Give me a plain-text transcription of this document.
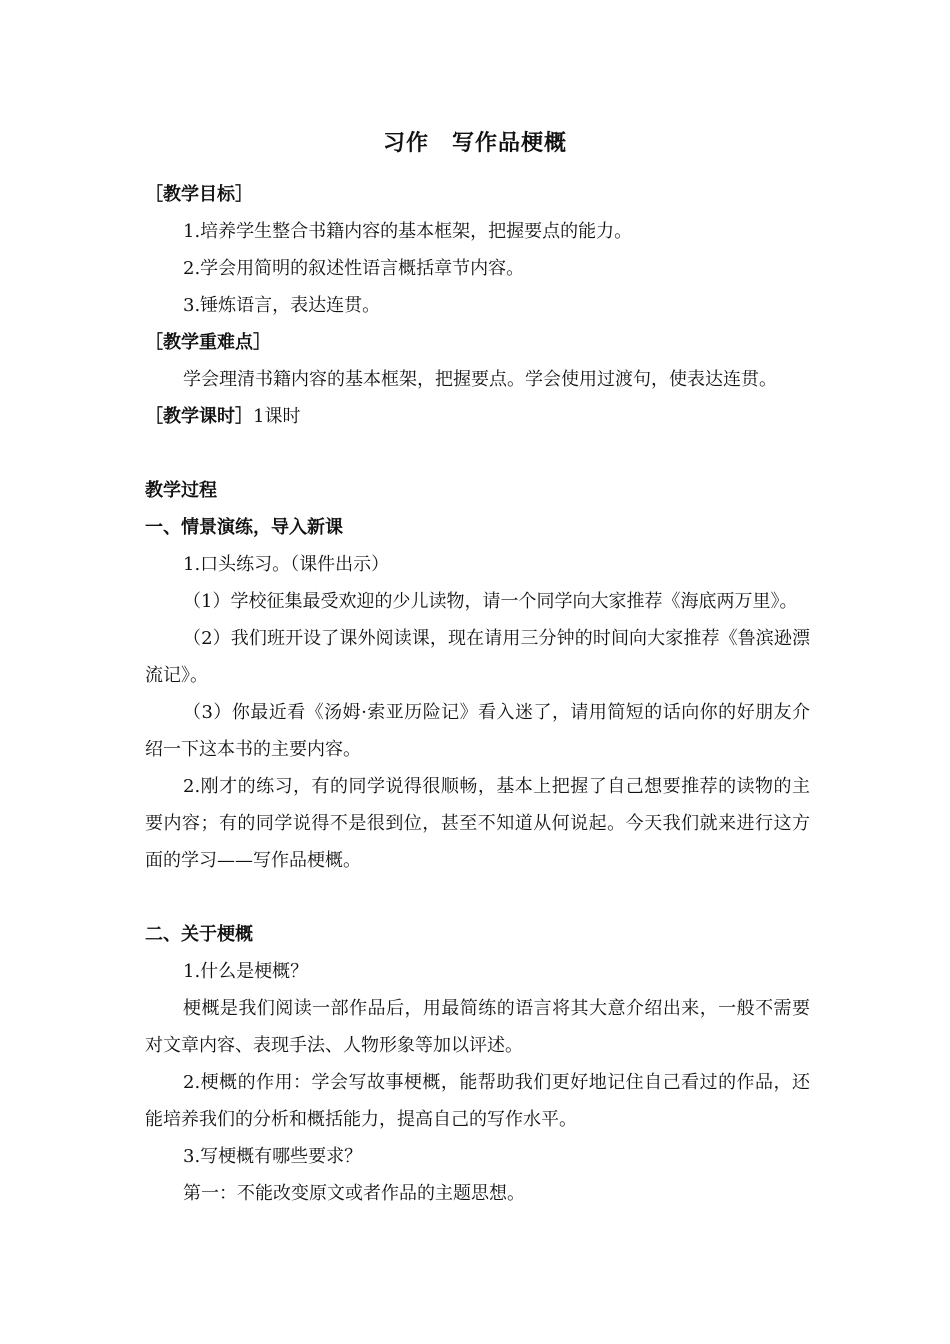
习作　写作品梗概
［教学目标］
1.培养学生整合书籍内容的基本框架，把握要点的能力。
2.学会用简明的叙述性语言概括章节内容。
3.锤炼语言，表达连贯。
［教学重难点］
学会理清书籍内容的基本框架，把握要点。学会使用过渡句，使表达连贯。
［教学课时］1课时
教学过程
一、情景演练，导入新课
1.口头练习。（课件出示）
（1）学校征集最受欢迎的少儿读物，请一个同学向大家推荐《海底两万里》。
（2）我们班开设了课外阅读课，现在请用三分钟的时间向大家推荐《鲁滨逊漂流记》。
（3）你最近看《汤姆·索亚历险记》看入迷了，请用简短的话向你的好朋友介绍一下这本书的主要内容。
2.刚才的练习，有的同学说得很顺畅，基本上把握了自己想要推荐的读物的主要内容；有的同学说得不是很到位，甚至不知道从何说起。今天我们就来进行这方面的学习——写作品梗概。
二、关于梗概
1.什么是梗概？
梗概是我们阅读一部作品后，用最简练的语言将其大意介绍出来，一般不需要对文章内容、表现手法、人物形象等加以评述。
2.梗概的作用：学会写故事梗概，能帮助我们更好地记住自己看过的作品，还能培养我们的分析和概括能力，提高自己的写作水平。
3.写梗概有哪些要求？
第一：不能改变原文或者作品的主题思想。
